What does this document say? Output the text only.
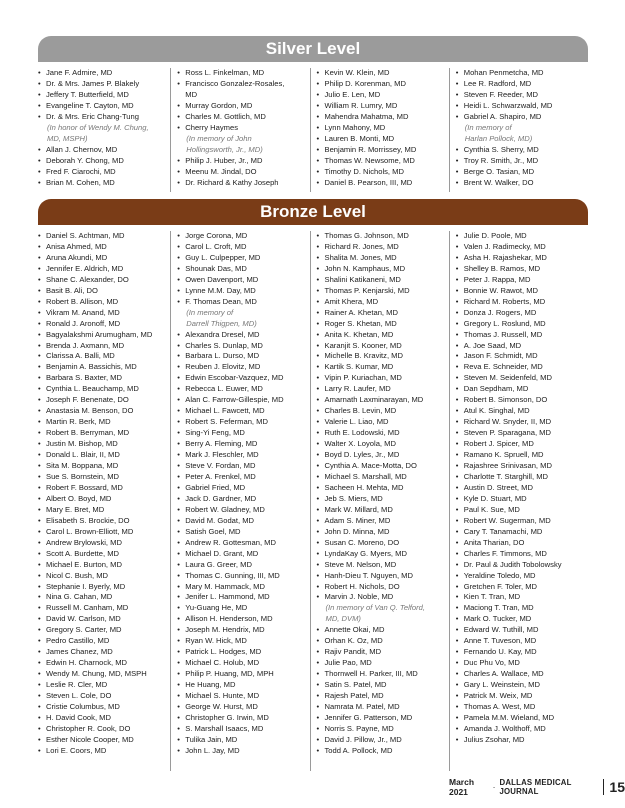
Silver Level
• Jane F. Admire, MD
• Dr. & Mrs. James P. Blakely
• Jeffery T. Butterfield, MD
• Evangeline T. Cayton, MD
• Dr. & Mrs. Eric Chang-Tung
(In honor of Wendy M. Chung,
MD, MSPH)
• Allan J. Chernov, MD
• Deborah Y. Chong, MD
• Fred F. Ciarochi, MD
• Brian M. Cohen, MD
• Ross L. Finkelman, MD
• Francisco Gonzalez-Rosales,
MD
• Murray Gordon, MD
• Charles M. Gottlich, MD
• Cherry Haymes
(In memory of John
Hollingsworth, Jr., MD)
• Philip J. Huber, Jr., MD
• Meenu M. Jindal, DO
• Dr. Richard & Kathy Joseph
• Kevin W. Klein, MD
• Philip D. Korenman, MD
• Julio E. Len, MD
• William R. Lumry, MD
• Mahendra Mahatma, MD
• Lynn Mahony, MD
• Lauren B. Monti, MD
• Benjamin R. Morrissey, MD
• Thomas W. Newsome, MD
• Timothy D. Nichols, MD
• Daniel B. Pearson, III, MD
• Mohan Penmetcha, MD
• Lee R. Radford, MD
• Steven F. Reeder, MD
• Heidi L. Schwarzwald, MD
• Gabriel A. Shapiro, MD
(In memory of
Harlan Pollock, MD)
• Cynthia S. Sherry, MD
• Troy R. Smith, Jr., MD
• Berge O. Tasian, MD
• Brent W. Walker, DO
Bronze Level
• Daniel S. Achtman, MD
• Anisa Ahmed, MD
• Aruna Akundi, MD
• Jennifer E. Aldrich, MD
• Shane C. Alexander, DO
• Basit B. Ali, DO
• Robert B. Allison, MD
• Vikram M. Anand, MD
• Ronald J. Aronoff, MD
• Bagyalakshmi Arumugham, MD
• Brenda J. Axmann, MD
• Clarissa A. Balli, MD
• Benjamin A. Bassichis, MD
• Barbara S. Baxter, MD
• Cynthia L. Beauchamp, MD
• Joseph F. Benenate, DO
• Anastasia M. Benson, DO
• Martin R. Berk, MD
• Robert B. Berryman, MD
• Justin M. Bishop, MD
• Donald L. Blair, II, MD
• Sita M. Boppana, MD
• Sue S. Bornstein, MD
• Robert F. Bossard, MD
• Albert O. Boyd, MD
• Mary E. Bret, MD
• Elisabeth S. Brockie, DO
• Carol L. Brown-Elliott, MD
• Andrew Brylowski, MD
• Scott A. Burdette, MD
• Michael E. Burton, MD
• Nicol C. Bush, MD
• Stephanie I. Byerly, MD
• Nina G. Cahan, MD
• Russell M. Canham, MD
• David W. Carlson, MD
• Gregory S. Carter, MD
• Pedro Castillo, MD
• James Chanez, MD
• Edwin H. Charnock, MD
• Wendy M. Chung, MD, MSPH
• Leslie R. Cler, MD
• Steven L. Cole, DO
• Cristie Columbus, MD
• H. David Cook, MD
• Christopher R. Cook, DO
• Esther Nicole Cooper, MD
• Lori E. Coors, MD
• Jorge Corona, MD
• Carol L. Croft, MD
• Guy L. Culpepper, MD
• Shounak Das, MD
• Owen Davenport, MD
• Lynne M.M. Day, MD
• F. Thomas Dean, MD
(In memory of
Darrell Thigpen, MD)
• Alexandra Dresel, MD
• Charles S. Dunlap, MD
• Barbara L. Durso, MD
• Reuben J. Elovitz, MD
• Edwin Escobar-Vazquez, MD
• Rebecca L. Euwer, MD
• Alan C. Farrow-Gillespie, MD
• Michael L. Fawcett, MD
• Robert S. Feferman, MD
• Sing-Yi Feng, MD
• Berry A. Fleming, MD
• Mark J. Fleschler, MD
• Steve V. Fordan, MD
• Peter A. Frenkel, MD
• Gabriel Fried, MD
• Jack D. Gardner, MD
• Robert W. Gladney, MD
• David M. Godat, MD
• Satish Goel, MD
• Andrew R. Gottesman, MD
• Michael D. Grant, MD
• Laura G. Greer, MD
• Thomas C. Gunning, III, MD
• Mary M. Hammack, MD
• Jenifer L. Hammond, MD
• Yu-Guang He, MD
• Allison H. Henderson, MD
• Joseph M. Hendrix, MD
• Ryan W. Hick, MD
• Patrick L. Hodges, MD
• Michael C. Holub, MD
• Philip P. Huang, MD, MPH
• He Huang, MD
• Michael S. Hunte, MD
• George W. Hurst, MD
• Christopher G. Irwin, MD
• S. Marshall Isaacs, MD
• Tulika Jain, MD
• John L. Jay, MD
• Thomas G. Johnson, MD
• Richard R. Jones, MD
• Shalita M. Jones, MD
• John N. Kamphaus, MD
• Shalini Katikaneni, MD
• Thomas P. Kenjarski, MD
• Amit Khera, MD
• Rainer A. Khetan, MD
• Roger S. Khetan, MD
• Anita K. Khetan, MD
• Karanjit S. Kooner, MD
• Michelle B. Kravitz, MD
• Kartik S. Kumar, MD
• Vipin P. Kuriachan, MD
• Larry R. Laufer, MD
• Amarnath Laxminarayan, MD
• Charles B. Levin, MD
• Valerie L. Liao, MD
• Ruth E. Lodowski, MD
• Walter X. Loyola, MD
• Boyd D. Lyles, Jr., MD
• Cynthia A. Mace-Motta, DO
• Michael S. Marshall, MD
• Sacheen H. Mehta, MD
• Jeb S. Miers, MD
• Mark W. Millard, MD
• Adam S. Miner, MD
• John D. Minna, MD
• Susan C. Moreno, DO
• LyndaKay G. Myers, MD
• Steve M. Nelson, MD
• Hanh-Dieu T. Nguyen, MD
• Robert H. Nichols, DO
• Marvin J. Noble, MD
(In memory of Van Q. Telford,
MD, DVM)
• Annette Okai, MD
• Orhan K. Oz, MD
• Rajiv Pandit, MD
• Julie Pao, MD
• Thornwell H. Parker, III, MD
• Satin S. Patel, MD
• Rajesh Patel, MD
• Namrata M. Patel, MD
• Jennifer G. Patterson, MD
• Norris S. Payne, MD
• David J. Pillow, Jr., MD
• Todd A. Pollock, MD
• Julie D. Poole, MD
• Valen J. Radimecky, MD
• Asha H. Rajashekar, MD
• Shelley B. Ramos, MD
• Peter J. Rappa, MD
• Bonnie W. Rawot, MD
• Richard M. Roberts, MD
• Donza J. Rogers, MD
• Gregory L. Roslund, MD
• Thomas J. Russell, MD
• A. Joe Saad, MD
• Jason F. Schmidt, MD
• Reva E. Schneider, MD
• Steven M. Seidenfeld, MD
• Dan Sepdham, MD
• Robert B. Simonson, DO
• Atul K. Singhal, MD
• Richard W. Snyder, II, MD
• Steven P. Sparagana, MD
• Robert J. Spicer, MD
• Ramano K. Spruell, MD
• Rajashree Srinivasan, MD
• Charlotte T. Starghill, MD
• Austin D. Street, MD
• Kyle D. Stuart, MD
• Paul K. Sue, MD
• Robert W. Sugerman, MD
• Cary T. Tanamachi, MD
• Anita Tharian, DO
• Charles F. Timmons, MD
• Dr. Paul & Judith Tobolowsky
• Yeraldine Toledo, MD
• Gretchen F. Toler, MD
• Kien T. Tran, MD
• Maciong T. Tran, MD
• Mark O. Tucker, MD
• Edward W. Tuthill, MD
• Anne T. Tuveson, MD
• Fernando U. Kay, MD
• Duc Phu Vo, MD
• Charles A. Wallace, MD
• Gary L. Weinstein, MD
• Patrick M. Weix, MD
• Thomas A. West, MD
• Pamela M.M. Wieland, MD
• Amanda J. Wolthoff, MD
• Julius Zsohar, MD
March 2021	· DALLAS MEDICAL JOURNAL	15
